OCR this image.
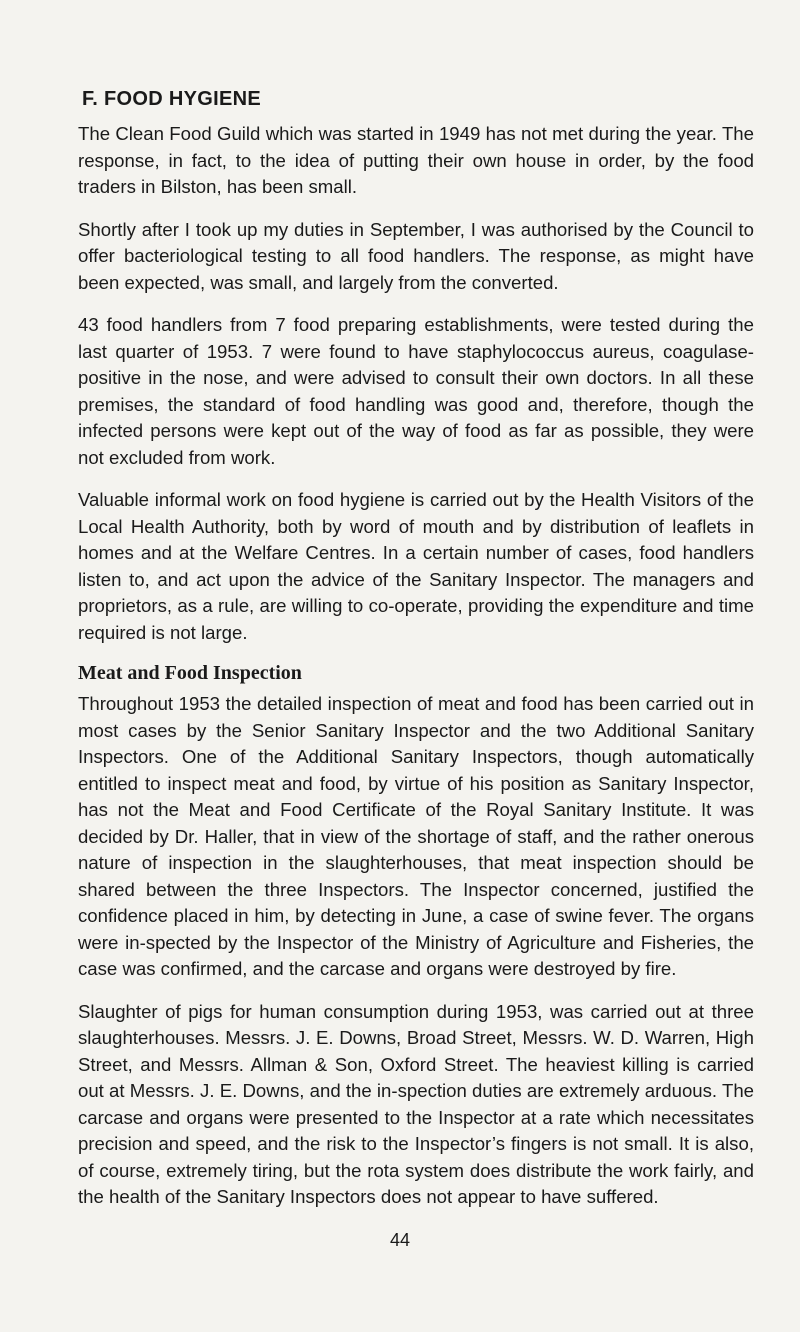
F. FOOD HYGIENE

The Clean Food Guild which was started in 1949 has not met during the year. The response, in fact, to the idea of putting their own house in order, by the food traders in Bilston, has been small.

Shortly after I took up my duties in September, I was authorised by the Council to offer bacteriological testing to all food handlers. The response, as might have been expected, was small, and largely from the converted.

43 food handlers from 7 food preparing establishments, were tested during the last quarter of 1953. 7 were found to have staphylococcus aureus, coagulase-positive in the nose, and were advised to consult their own doctors. In all these premises, the standard of food handling was good and, therefore, though the infected persons were kept out of the way of food as far as possible, they were not excluded from work.

Valuable informal work on food hygiene is carried out by the Health Visitors of the Local Health Authority, both by word of mouth and by distribution of leaflets in homes and at the Welfare Centres. In a certain number of cases, food handlers listen to, and act upon the advice of the Sanitary Inspector. The managers and proprietors, as a rule, are willing to co-operate, providing the expenditure and time required is not large.

Meat and Food Inspection

Throughout 1953 the detailed inspection of meat and food has been carried out in most cases by the Senior Sanitary Inspector and the two Additional Sanitary Inspectors. One of the Additional Sanitary Inspectors, though automatically entitled to inspect meat and food, by virtue of his position as Sanitary Inspector, has not the Meat and Food Certificate of the Royal Sanitary Institute. It was decided by Dr. Haller, that in view of the shortage of staff, and the rather onerous nature of inspection in the slaughterhouses, that meat inspection should be shared between the three Inspectors. The Inspector concerned, justified the confidence placed in him, by detecting in June, a case of swine fever. The organs were in-spected by the Inspector of the Ministry of Agriculture and Fisheries, the case was confirmed, and the carcase and organs were destroyed by fire.

Slaughter of pigs for human consumption during 1953, was carried out at three slaughterhouses. Messrs. J. E. Downs, Broad Street, Messrs. W. D. Warren, High Street, and Messrs. Allman & Son, Oxford Street. The heaviest killing is carried out at Messrs. J. E. Downs, and the in-spection duties are extremely arduous. The carcase and organs were presented to the Inspector at a rate which necessitates precision and speed, and the risk to the Inspector’s fingers is not small. It is also, of course, extremely tiring, but the rota system does distribute the work fairly, and the health of the Sanitary Inspectors does not appear to have suffered.

44
